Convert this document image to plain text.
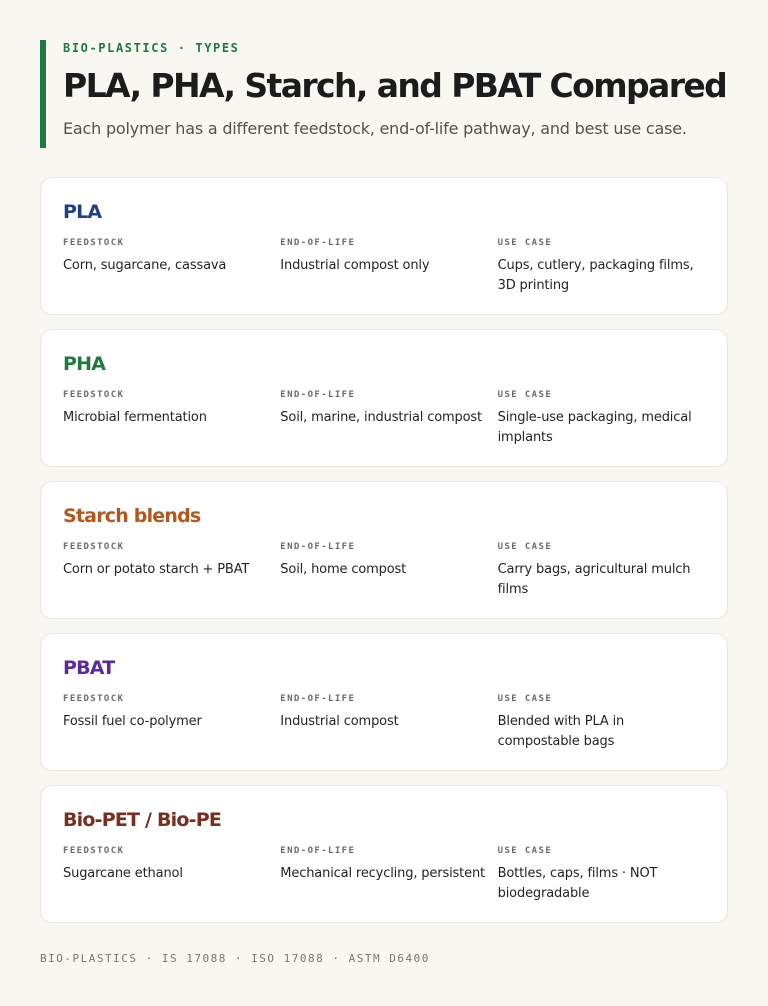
BIO-PLASTICS · TYPES
PLA, PHA, Starch, and PBAT Compared

Each polymer has a different feedstock, end-of-life pathway, and best use case.

PLA
FEEDSTOCK
Corn, sugarcane, cassava
END-OF-LIFE
Industrial compost only
USE CASE
Cups, cutlery, packaging films, 3D printing
PHA
FEEDSTOCK
Microbial fermentation
END-OF-LIFE
Soil, marine, industrial compost
USE CASE
Single-use packaging, medical implants
Starch blends
FEEDSTOCK
Corn or potato starch + PBAT
END-OF-LIFE
Soil, home compost
USE CASE
Carry bags, agricultural mulch films
PBAT
FEEDSTOCK
Fossil fuel co-polymer
END-OF-LIFE
Industrial compost
USE CASE
Blended with PLA in compostable bags
Bio-PET / Bio-PE
FEEDSTOCK
Sugarcane ethanol
END-OF-LIFE
Mechanical recycling, persistent
USE CASE
Bottles, caps, films · NOT biodegradable
BIO-PLASTICS · IS 17088 · ISO 17088 · ASTM D6400
